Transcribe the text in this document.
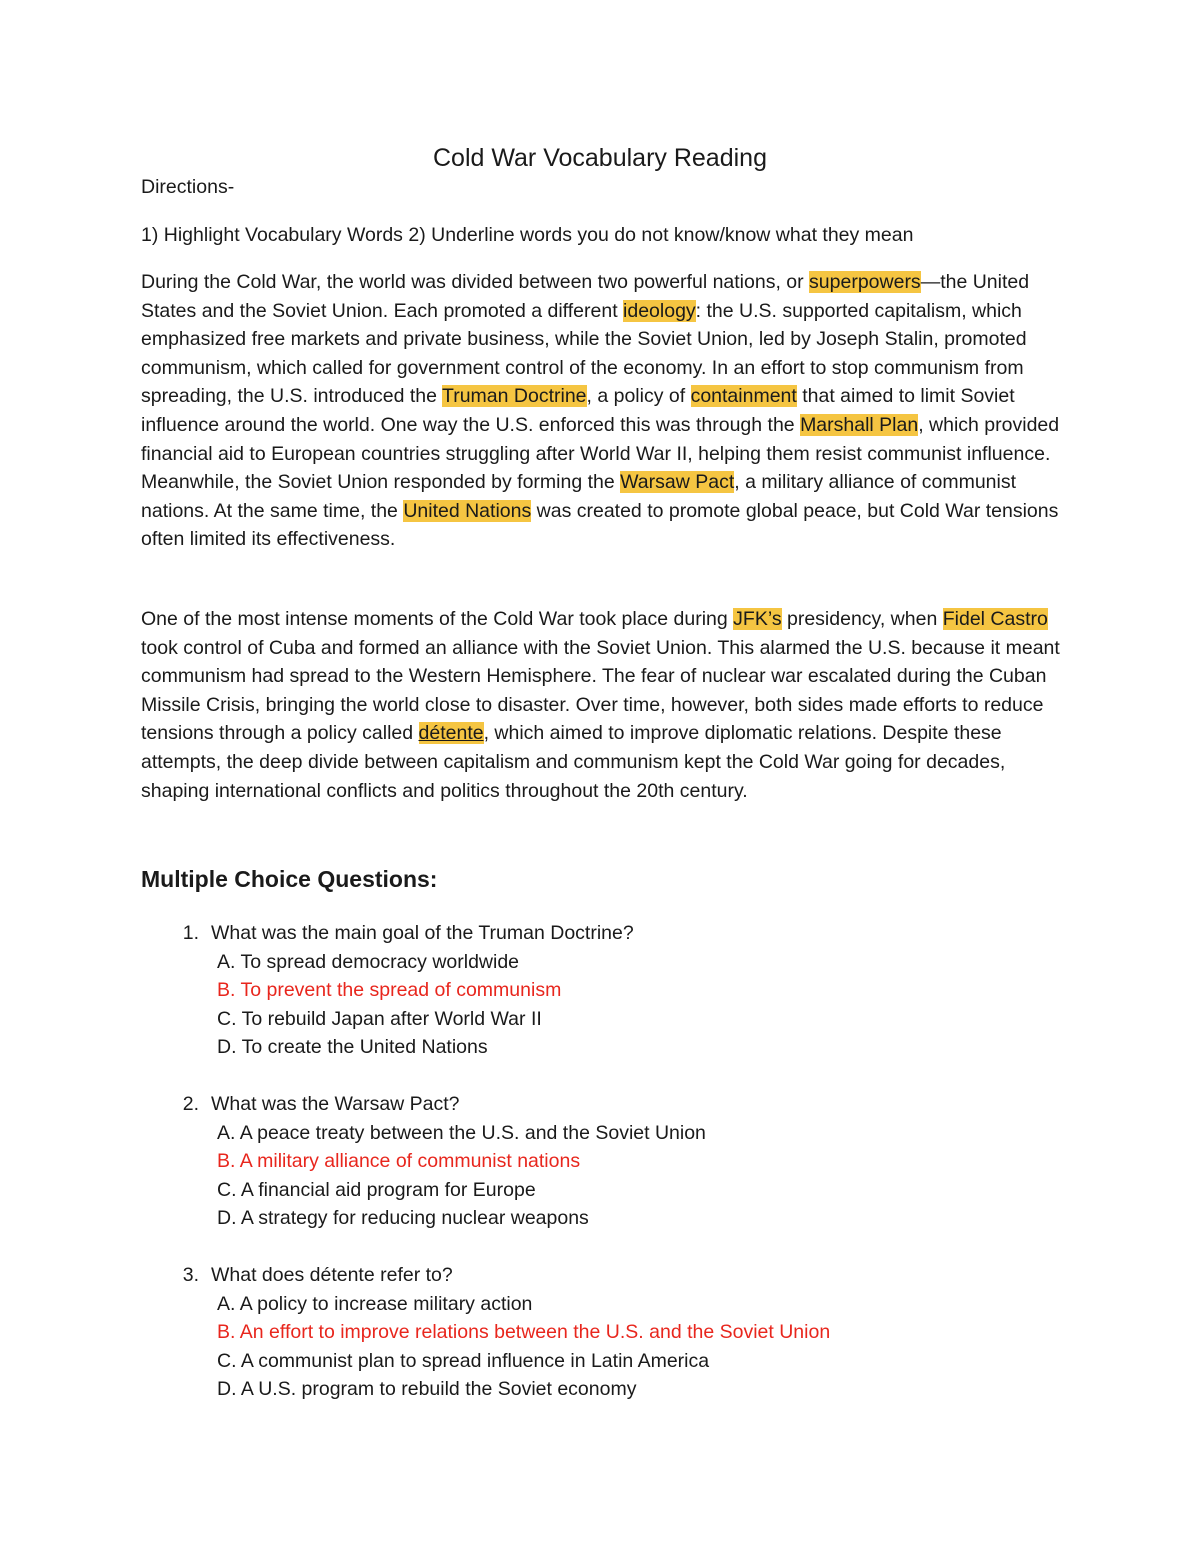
Cold War Vocabulary Reading

Directions-

1) Highlight Vocabulary Words 2) Underline words you do not know/know what they mean

During the Cold War, the world was divided between two powerful nations, or superpowers—the United States and the Soviet Union. Each promoted a different ideology: the U.S. supported capitalism, which emphasized free markets and private business, while the Soviet Union, led by Joseph Stalin, promoted communism, which called for government control of the economy. In an effort to stop communism from spreading, the U.S. introduced the Truman Doctrine, a policy of containment that aimed to limit Soviet influence around the world. One way the U.S. enforced this was through the Marshall Plan, which provided financial aid to European countries struggling after World War II, helping them resist communist influence. Meanwhile, the Soviet Union responded by forming the Warsaw Pact, a military alliance of communist nations. At the same time, the United Nations was created to promote global peace, but Cold War tensions often limited its effectiveness.

One of the most intense moments of the Cold War took place during JFK’s presidency, when Fidel Castro took control of Cuba and formed an alliance with the Soviet Union. This alarmed the U.S. because it meant communism had spread to the Western Hemisphere. The fear of nuclear war escalated during the Cuban Missile Crisis, bringing the world close to disaster. Over time, however, both sides made efforts to reduce tensions through a policy called détente, which aimed to improve diplomatic relations. Despite these attempts, the deep divide between capitalism and communism kept the Cold War going for decades, shaping international conflicts and politics throughout the 20th century.

Multiple Choice Questions:
1. What was the main goal of the Truman Doctrine?
A. To spread democracy worldwide
B. To prevent the spread of communism
C. To rebuild Japan after World War II
D. To create the United Nations
2. What was the Warsaw Pact?
A. A peace treaty between the U.S. and the Soviet Union
B. A military alliance of communist nations
C. A financial aid program for Europe
D. A strategy for reducing nuclear weapons
3. What does détente refer to?
A. A policy to increase military action
B. An effort to improve relations between the U.S. and the Soviet Union
C. A communist plan to spread influence in Latin America
D. A U.S. program to rebuild the Soviet economy
